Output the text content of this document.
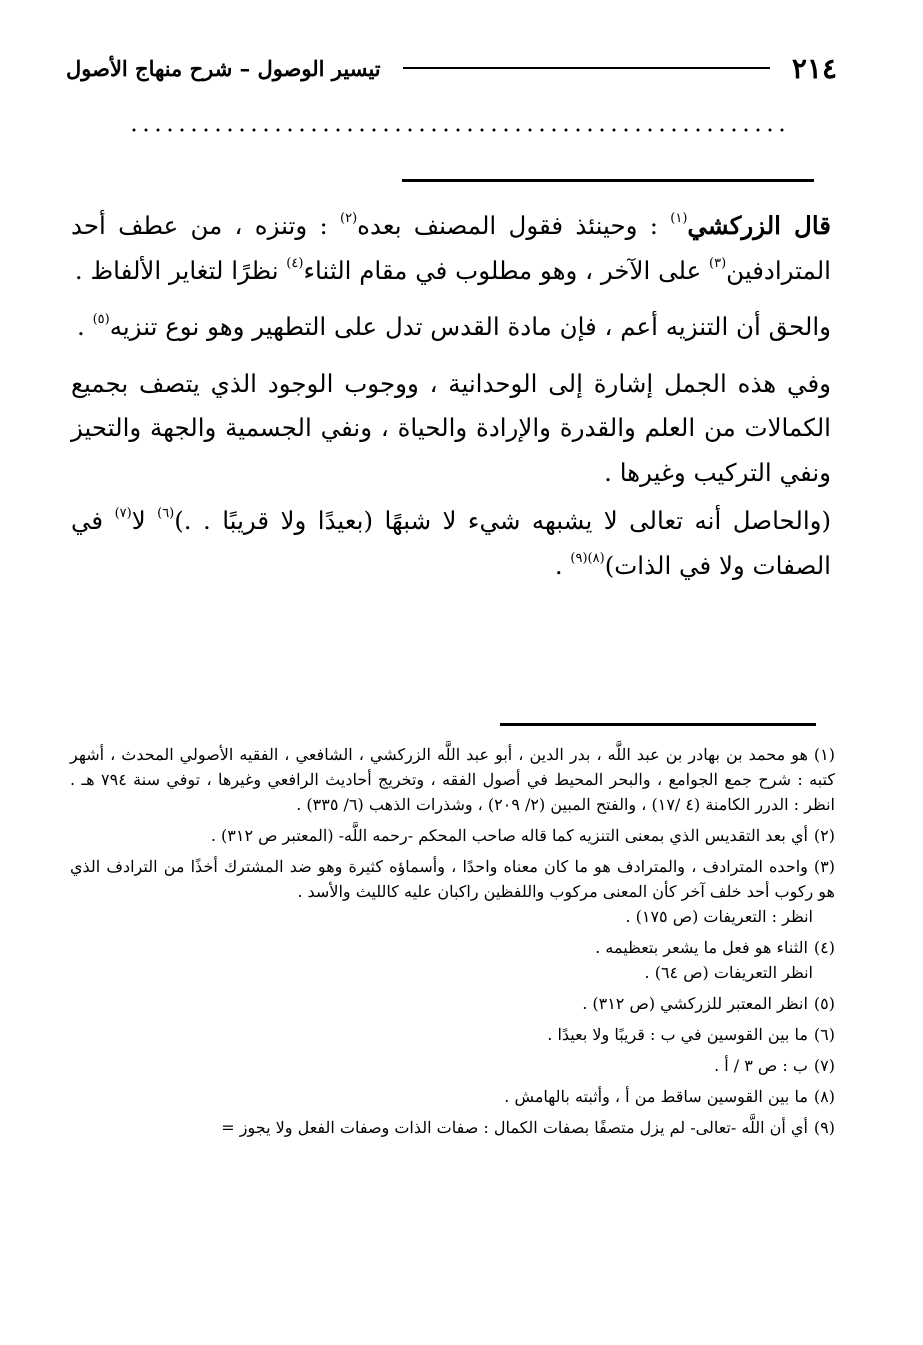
٢١٤
تيسير الوصول – شرح منهاج الأصول

قال الزركشي$^{(١)}$ : وحينئذ فقول المصنف بعده$^{(٢)}$ : وتنزه ، من عطف أحد المترادفين$^{(٣)}$ على الآخر ، وهو مطلوب في مقام الثناء$^{(٤)}$ نظرًا لتغاير الألفاظ .

والحق أن التنزيه أعم ، فإن مادة القدس تدل على التطهير وهو نوع تنزيه$^{(٥)}$ .

وفي هذه الجمل إشارة إلى الوحدانية ، ووجوب الوجود الذي يتصف بجميع الكمالات من العلم والقدرة والإرادة والحياة ، ونفي الجسمية والجهة والتحيز ونفي التركيب وغيرها .

(والحاصل أنه تعالى لا يشبهه شيء لا شبهًا (بعيدًا ولا قريبًا . .)$^{(٦)}$ لا$^{(٧)}$ في الصفات ولا في الذات)$^{(٨)(٩)}$ .

(١)هو محمد بن بهادر بن عبد اللَّه ، بدر الدين ، أبو عبد اللَّه الزركشي ، الشافعي ، الفقيه الأصولي المحدث ، أشهر كتبه : شرح جمع الجوامع ، والبحر المحيط في أصول الفقه ، وتخريج أحاديث الرافعي وغيرها ، توفي سنة ٧٩٤ هـ . انظر : الدرر الكامنة (٤ /١٧) ، والفتح المبين (٢/ ٢٠٩) ، وشذرات الذهب (٦/ ٣٣٥) .
(٢)أي بعد التقديس الذي بمعنى التنزيه كما قاله صاحب المحكم -رحمه اللَّه- (المعتبر ص ٣١٢) .
(٣)واحده المترادف ، والمترادف هو ما كان معناه واحدًا ، وأسماؤه كثيرة وهو ضد المشترك أخذًا من الترادف الذي هو ركوب أحد خلف آخر كأن المعنى مركوب واللفظين راكبان عليه كالليث والأسد .
انظر : التعريفات (ص ١٧٥) .
(٤)الثناء هو فعل ما يشعر بتعظيمه .
انظر التعريفات (ص ٦٤) .
(٥)انظر المعتبر للزركشي (ص ٣١٢) .
(٦)ما بين القوسين في ب : قريبًا ولا بعيدًا .
(٧)ب : ص ٣ / أ .
(٨)ما بين القوسين ساقط من أ ، وأثبته بالهامش .
(٩)أي أن اللَّه -تعالى- لم يزل متصفًا بصفات الكمال : صفات الذات وصفات الفعل ولا يجوز =
